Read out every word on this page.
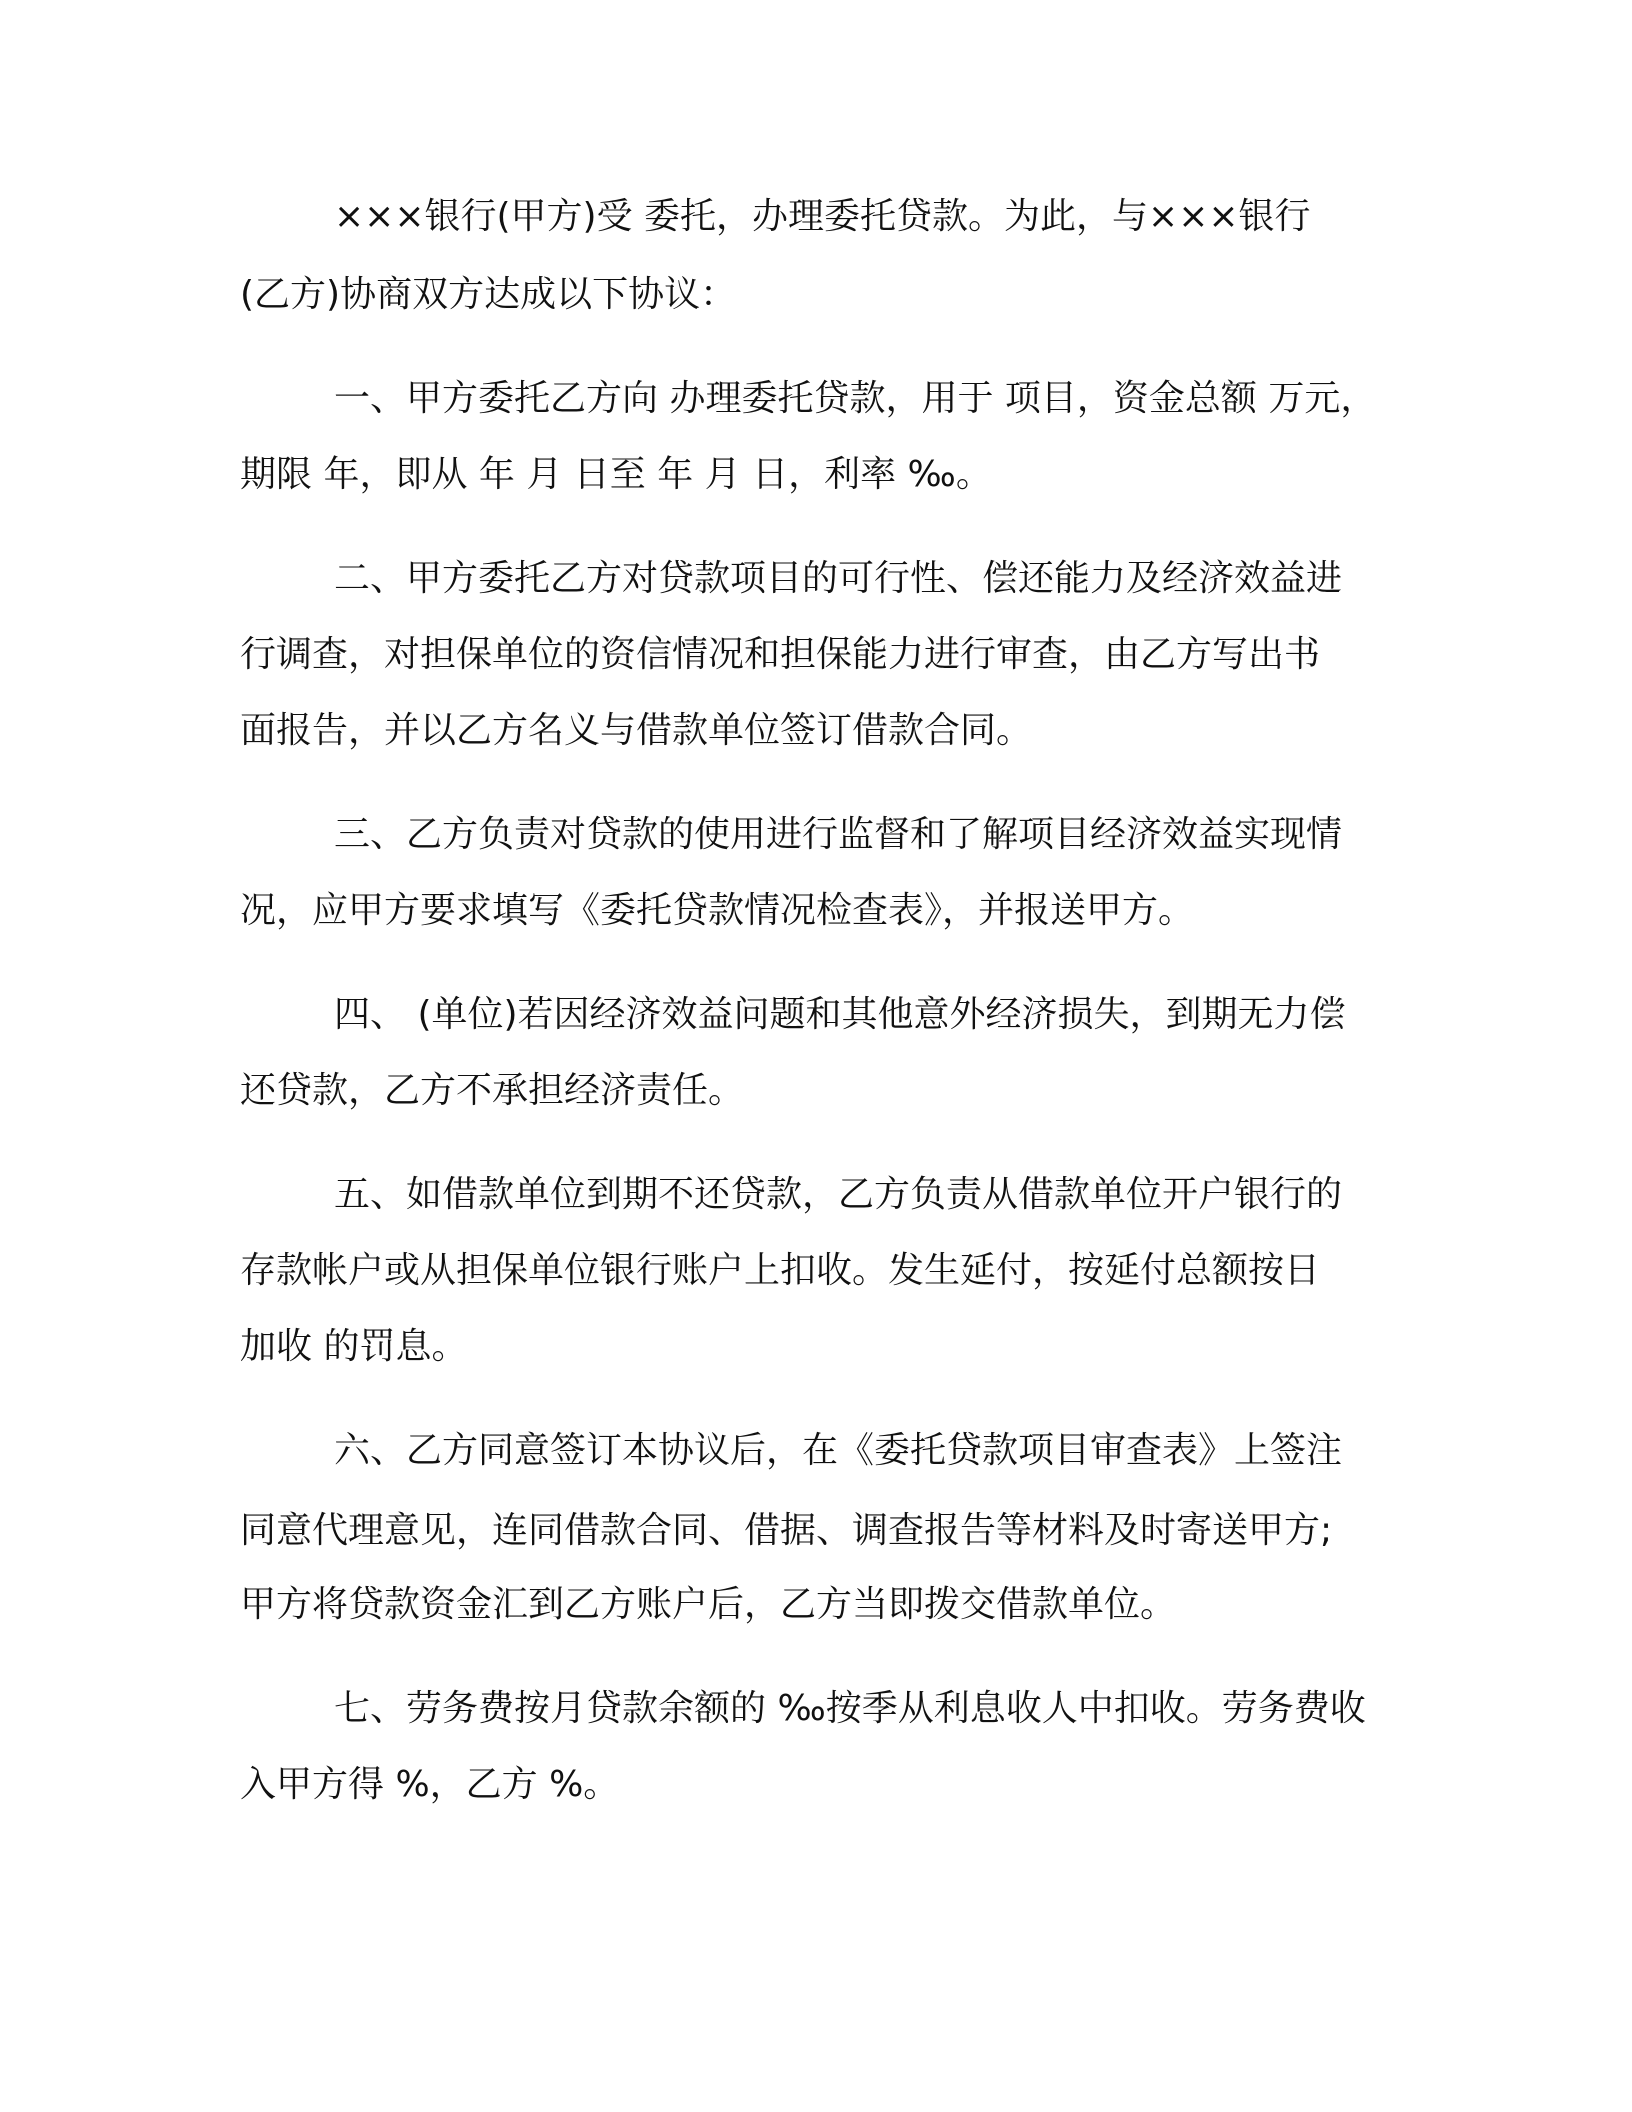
×××银行(甲方)受 委托，办理委托贷款。为此，与×××银行

(乙方)协商双方达成以下协议：

一、甲方委托乙方向 办理委托贷款，用于 项目，资金总额 万元，

期限 年，即从 年 月 日至 年 月 日，利率 ‰。

二、甲方委托乙方对贷款项目的可行性、偿还能力及经济效益进

行调查，对担保单位的资信情况和担保能力进行审查，由乙方写出书

面报告，并以乙方名义与借款单位签订借款合同。

三、乙方负责对贷款的使用进行监督和了解项目经济效益实现情

况，应甲方要求填写《委托贷款情况检查表》，并报送甲方。

四、 (单位)若因经济效益问题和其他意外经济损失，到期无力偿

还贷款，乙方不承担经济责任。

五、如借款单位到期不还贷款，乙方负责从借款单位开户银行的

存款帐户或从担保单位银行账户上扣收。发生延付，按延付总额按日

加收 的罚息。

六、乙方同意签订本协议后，在《委托贷款项目审查表》上签注

同意代理意见，连同借款合同、借据、调查报告等材料及时寄送甲方;

甲方将贷款资金汇到乙方账户后，乙方当即拨交借款单位。

七、劳务费按月贷款余额的 ‰按季从利息收人中扣收。劳务费收

入甲方得 %，乙方 %。
